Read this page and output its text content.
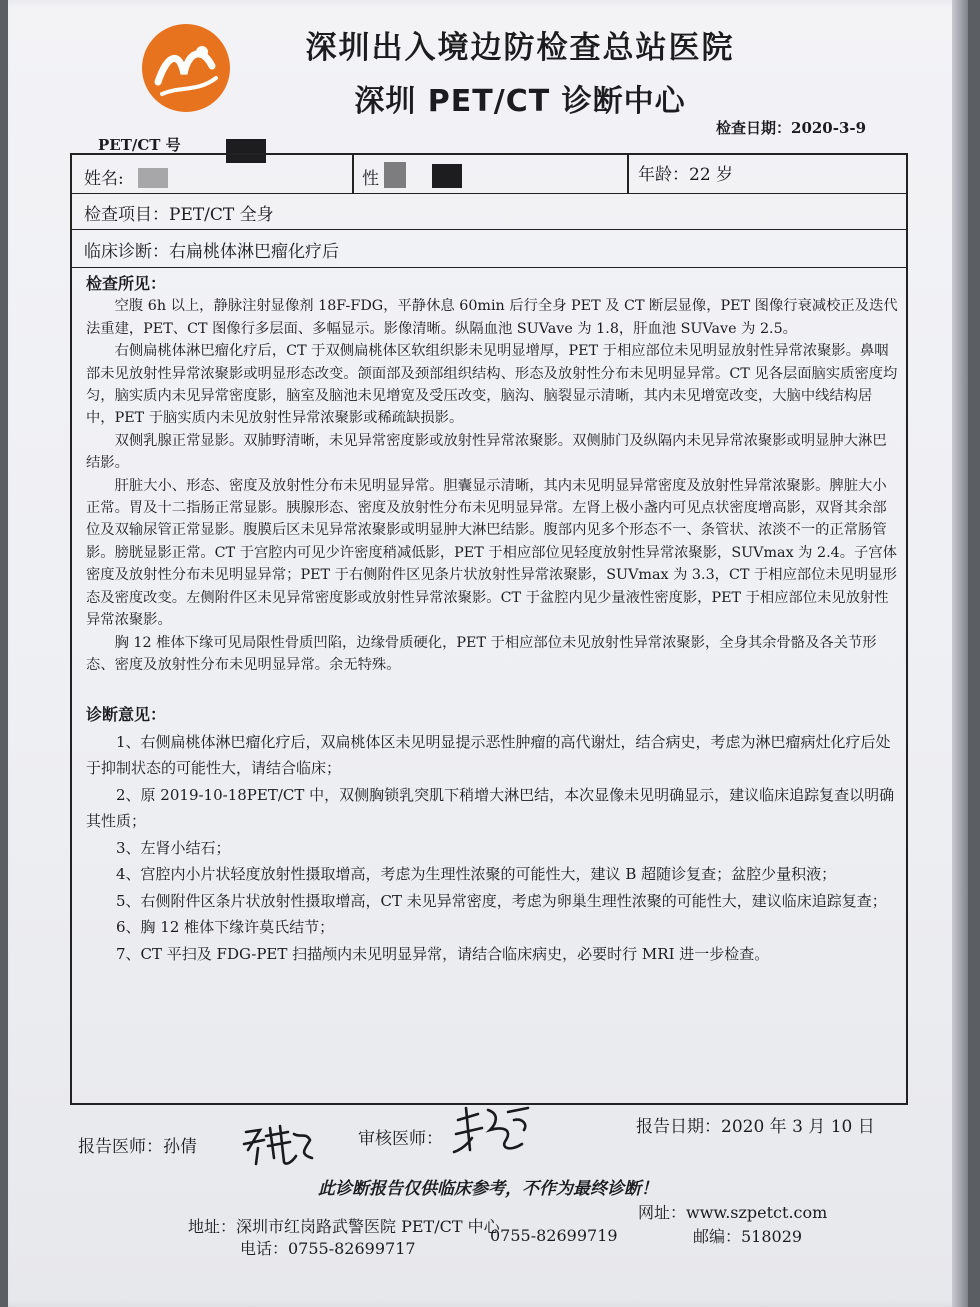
深圳出入境边防检查总站医院
深圳 PET/CT 诊断中心
PET/CT 号
检查日期：2020-3-9
姓名:	性	年龄：22 岁
检查项目：PET/CT 全身
临床诊断：右扁桃体淋巴瘤化疗后
检查所见：

空腹 6h 以上，静脉注射显像剂 18F-FDG，平静休息 60min 后行全身 PET 及 CT 断层显像，PET 图像行衰减校正及迭代法重建，PET、CT 图像行多层面、多幅显示。影像清晰。纵隔血池 SUVave 为 1.8，肝血池 SUVave 为 2.5。

右侧扁桃体淋巴瘤化疗后，CT 于双侧扁桃体区软组织影未见明显增厚，PET 于相应部位未见明显放射性异常浓聚影。鼻咽部未见放射性异常浓聚影或明显形态改变。颌面部及颈部组织结构、形态及放射性分布未见明显异常。CT 见各层面脑实质密度均匀，脑实质内未见异常密度影，脑室及脑池未见增宽及受压改变，脑沟、脑裂显示清晰，其内未见增宽改变，大脑中线结构居中，PET 于脑实质内未见放射性异常浓聚影或稀疏缺损影。

双侧乳腺正常显影。双肺野清晰，未见异常密度影或放射性异常浓聚影。双侧肺门及纵隔内未见异常浓聚影或明显肿大淋巴结影。

肝脏大小、形态、密度及放射性分布未见明显异常。胆囊显示清晰，其内未见明显异常密度及放射性异常浓聚影。脾脏大小正常。胃及十二指肠正常显影。胰腺形态、密度及放射性分布未见明显异常。左肾上极小盏内可见点状密度增高影，双肾其余部位及双输尿管正常显影。腹膜后区未见异常浓聚影或明显肿大淋巴结影。腹部内见多个形态不一、条管状、浓淡不一的正常肠管影。膀胱显影正常。CT 于宫腔内可见少许密度稍减低影，PET 于相应部位见轻度放射性异常浓聚影，SUVmax 为 2.4。子宫体密度及放射性分布未见明显异常；PET 于右侧附件区见条片状放射性异常浓聚影，SUVmax 为 3.3，CT 于相应部位未见明显形态及密度改变。左侧附件区未见异常密度影或放射性异常浓聚影。CT 于盆腔内见少量液性密度影，PET 于相应部位未见放射性异常浓聚影。

胸 12 椎体下缘可见局限性骨质凹陷，边缘骨质硬化，PET 于相应部位未见放射性异常浓聚影，全身其余骨骼及各关节形态、密度及放射性分布未见明显异常。余无特殊。

诊断意见：

1、右侧扁桃体淋巴瘤化疗后，双扁桃体区未见明显提示恶性肿瘤的高代谢灶，结合病史，考虑为淋巴瘤病灶化疗后处于抑制状态的可能性大，请结合临床；

2、原 2019-10-18PET/CT 中，双侧胸锁乳突肌下稍增大淋巴结，本次显像未见明确显示，建议临床追踪复查以明确其性质；

3、左肾小结石；

4、宫腔内小片状轻度放射性摄取增高，考虑为生理性浓聚的可能性大，建议 B 超随诊复查；盆腔少量积液；

5、右侧附件区条片状放射性摄取增高，CT 未见异常密度，考虑为卵巢生理性浓聚的可能性大，建议临床追踪复查；

6、胸 12 椎体下缘许莫氏结节；

7、CT 平扫及 FDG-PET 扫描颅内未见明显异常，请结合临床病史，必要时行 MRI 进一步检查。

报告医师：孙倩	审核医师：
报告日期：2020 年 3 月 10 日
此诊断报告仅供临床参考，不作为最终诊断！
地址：深圳市红岗路武警医院 PET/CT 中心
网址：www.szpetct.com
电话：0755-82699717
0755-82699719	邮编：518029
